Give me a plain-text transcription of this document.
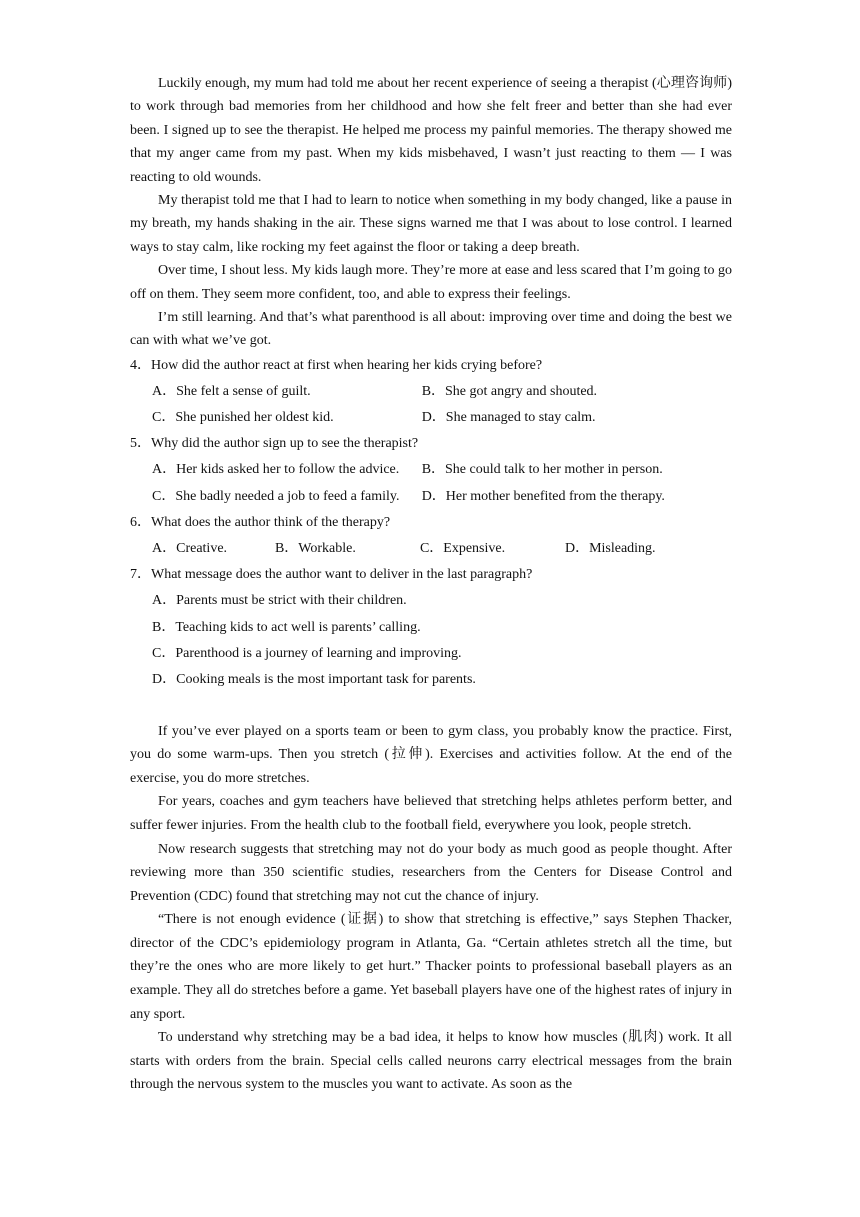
Luckily enough, my mum had told me about her recent experience of seeing a therapist (心理咨询师) to work through bad memories from her childhood and how she felt freer and better than she had ever been. I signed up to see the therapist. He helped me process my painful memories. The therapy showed me that my anger came from my past. When my kids misbehaved, I wasn’t just reacting to them — I was reacting to old wounds.

My therapist told me that I had to learn to notice when something in my body changed, like a pause in my breath, my hands shaking in the air. These signs warned me that I was about to lose control. I learned ways to stay calm, like rocking my feet against the floor or taking a deep breath.

Over time, I shout less. My kids laugh more. They’re more at ease and less scared that I’m going to go off on them. They seem more confident, too, and able to express their feelings.

I’m still learning. And that’s what parenthood is all about: improving over time and doing the best we can with what we’ve got.

4．How did the author react at first when hearing her kids crying before?

A．She felt a sense of guilt.	B．She got angry and shouted.
C．She punished her oldest kid.	D．She managed to stay calm.

5．Why did the author sign up to see the therapist?

A．Her kids asked her to follow the advice.	B．She could talk to her mother in person.
C．She badly needed a job to feed a family.	D．Her mother benefited from the therapy.

6．What does the author think of the therapy?

A．Creative.	B．Workable.	C．Expensive.	D．Misleading.

7．What message does the author want to deliver in the last paragraph?

A．Parents must be strict with their children.
B．Teaching kids to act well is parents’ calling.
C．Parenthood is a journey of learning and improving.
D．Cooking meals is the most important task for parents.

If you’ve ever played on a sports team or been to gym class, you probably know the practice. First, you do some warm-ups. Then you stretch (拉伸). Exercises and activities follow. At the end of the exercise, you do more stretches.

For years, coaches and gym teachers have believed that stretching helps athletes perform better, and suffer fewer injuries. From the health club to the football field, everywhere you look, people stretch.

Now research suggests that stretching may not do your body as much good as people thought. After reviewing more than 350 scientific studies, researchers from the Centers for Disease Control and Prevention (CDC) found that stretching may not cut the chance of injury.

“There is not enough evidence (证据) to show that stretching is effective,” says Stephen Thacker, director of the CDC’s epidemiology program in Atlanta, Ga. “Certain athletes stretch all the time, but they’re the ones who are more likely to get hurt.” Thacker points to professional baseball players as an example. They all do stretches before a game. Yet baseball players have one of the highest rates of injury in any sport.

To understand why stretching may be a bad idea, it helps to know how muscles (肌肉) work. It all starts with orders from the brain. Special cells called neurons carry electrical messages from the brain through the nervous system to the muscles you want to activate. As soon as the
